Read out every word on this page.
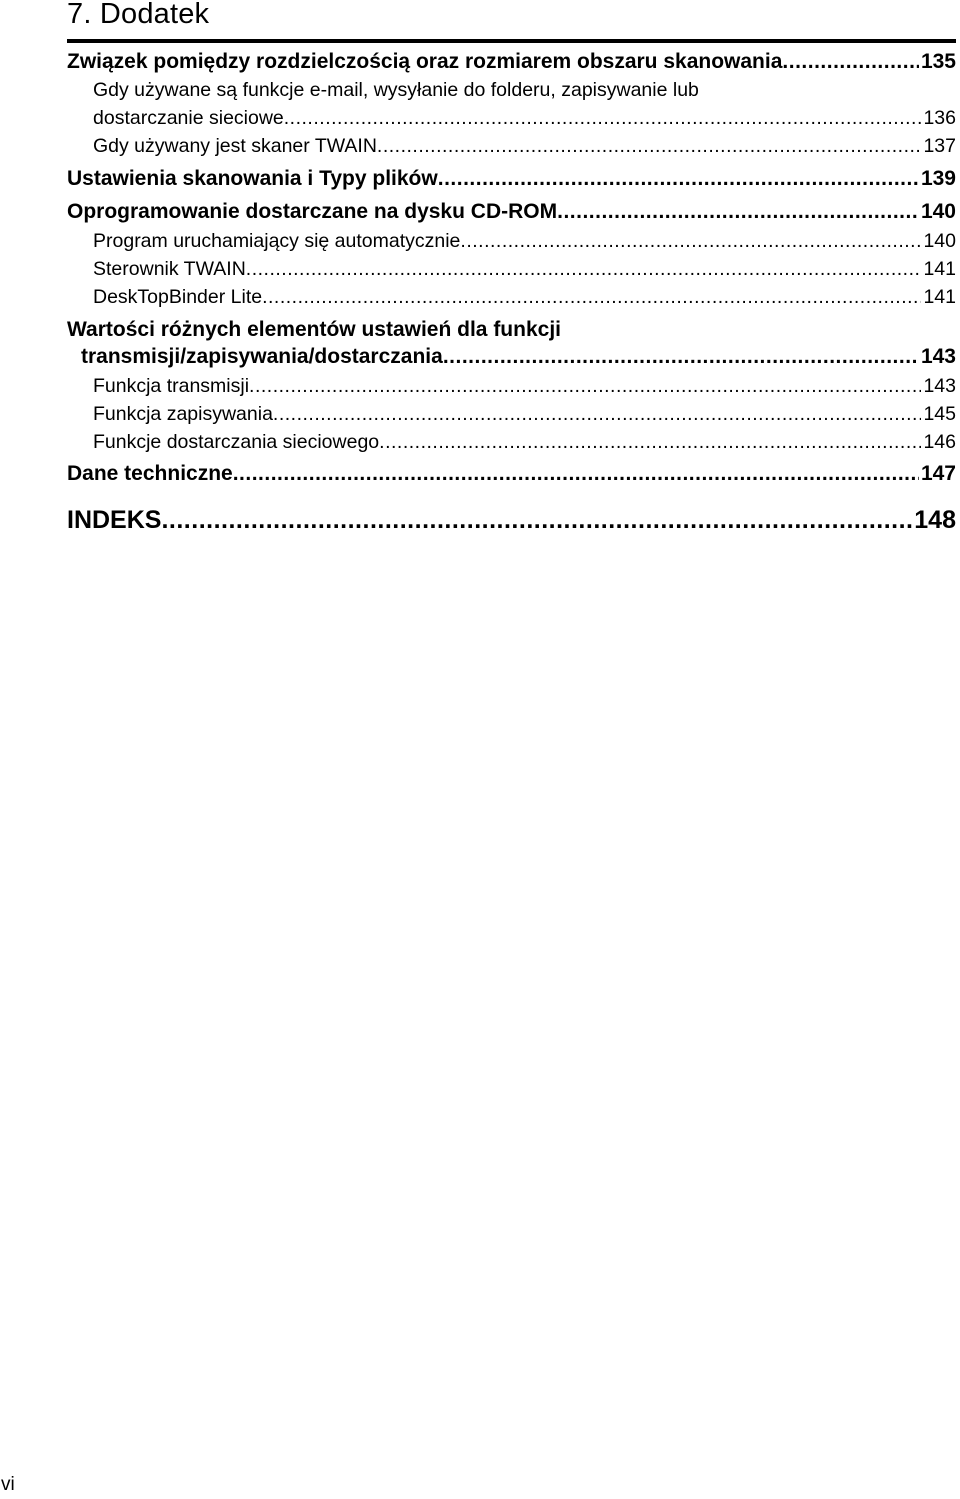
7. Dodatek
Związek pomiędzy rozdzielczością oraz rozmiarem obszaru skanowania .....	135
Gdy używane są funkcje e-mail, wysyłanie do folderu, zapisywanie lub
dostarczanie sieciowe .....	136
Gdy używany jest skaner TWAIN .....	137
Ustawienia skanowania i Typy plików .....	139
Oprogramowanie dostarczane na dysku CD-ROM .....	140
Program uruchamiający się automatycznie .....	140
Sterownik TWAIN .....	141
DeskTopBinder Lite .....	141
Wartości różnych elementów ustawień dla funkcji
transmisji/zapisywania/dostarczania .....	143
Funkcja transmisji .....	143
Funkcja zapisywania .....	145
Funkcje dostarczania sieciowego .....	146
Dane techniczne .....	147
INDEKS .....	148
vi
